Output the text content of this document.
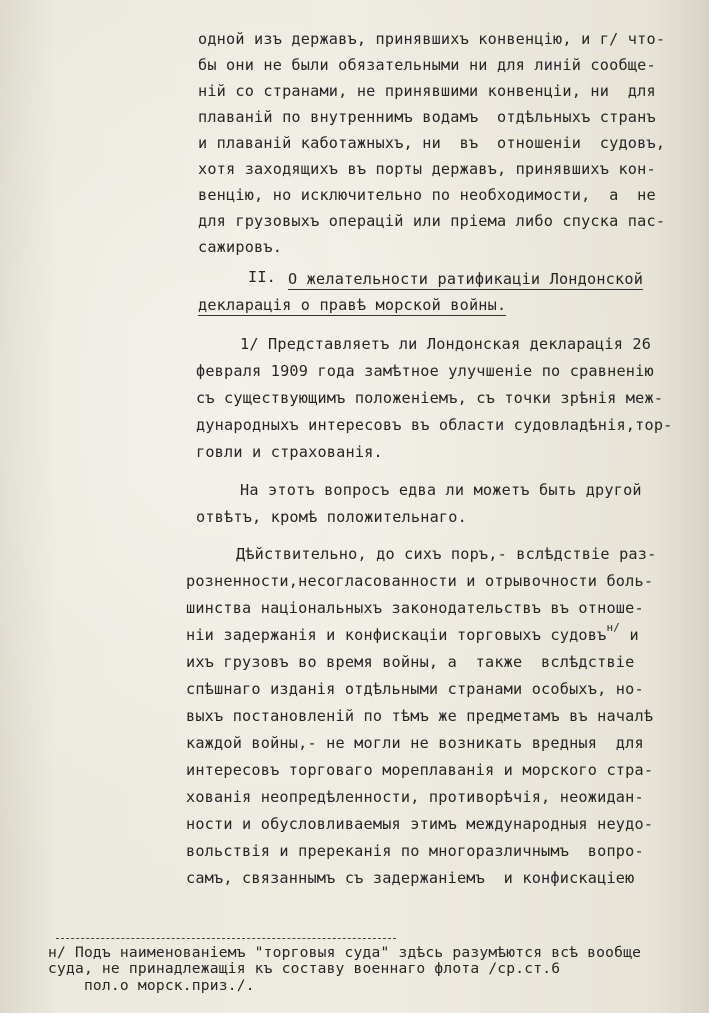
одной изъ державъ, принявшихъ конвенцію, и г/ что-
бы они не были обязательными ни для линій сообще-
ній со странами, не принявшими конвенціи, ни  для
плаваній по внутреннимъ водамъ  отдѣльныхъ странъ
и плаваній каботажныхъ, ни  въ  отношеніи  судовъ,
хотя заходящихъ въ порты державъ, принявшихъ кон-
венцію, но исключительно по необходимости,  а  не
для грузовыхъ операцій или пріема либо спуска пас-
сажировъ.
II. О желательности ратификаціи Лондонской
декларація о правѣ морской войны.
1/ Представляетъ ли Лондонская декларація 26
февраля 1909 года замѣтное улучшеніе по сравненію
съ существующимъ положеніемъ, съ точки зрѣнія меж-
дународныхъ интересовъ въ области судовладѣнія,тор-
говли и страхованія.
На этотъ вопросъ едва ли можетъ быть другой
отвѣтъ, кромѣ положительнаго.
Дѣйствительно, до сихъ поръ,- вслѣдствіе раз-
розненности,несогласованности и отрывочности боль-
шинства національныхъ законодательствъ въ отноше-
ніи задержанія и конфискаціи торговыхъ судовъ$^{н/}$ и
ихъ грузовъ во время войны, а  также  вслѣдствіе
спѣшнаго изданія отдѣльными странами особыхъ, но-
выхъ постановленій по тѣмъ же предметамъ въ началѣ
каждой войны,- не могли не возникать вредныя  для
интересовъ торговаго мореплаванія и морского стра-
хованія неопредѣленности, противорѣчія, неожидан-
ности и обусловливаемыя этимъ международныя неудо-
вольствія и пререканія по многоразличнымъ  вопро-
самъ, связаннымъ съ задержаніемъ  и конфискаціею
н/ Подъ наименованіемъ "торговыя суда" здѣсь разумѣются всѣ вообще суда, не принадлежащія къ составу военнаго флота /ср.ст.6
пол.о морск.приз./.
